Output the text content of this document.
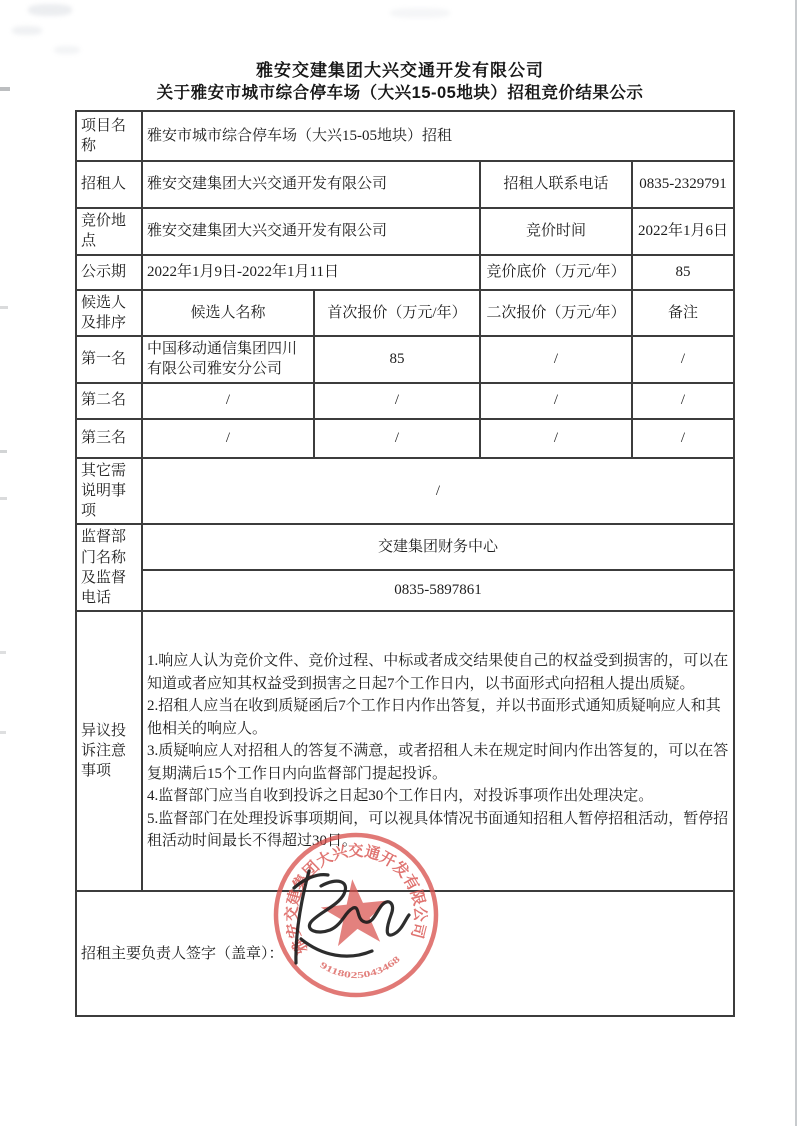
雅安交建集团大兴交通开发有限公司
关于雅安市城市综合停车场（大兴15-05地块）招租竞价结果公示
项目名称	雅安市城市综合停车场（大兴15-05地块）招租			
招租人	雅安交建集团大兴交通开发有限公司		招租人联系电话	0835-2329791
竞价地点	雅安交建集团大兴交通开发有限公司		竞价时间	2022年1月6日
公示期	2022年1月9日-2022年1月11日		竞价底价（万元/年）	85
候选人及排序	候选人名称	首次报价（万元/年）	二次报价（万元/年）	备注
第一名	中国移动通信集团四川有限公司雅安分公司	85	/	/
第二名	/	/	/	/
第三名	/	/	/	/
其它需说明事项	/			
监督部门名称及监督电话	交建集团财务中心			
	0835-5897861			
异议投诉注意事项	1.响应人认为竞价文件、竞价过程、中标或者成交结果使自己的权益受到损害的，可以在知道或者应知其权益受到损害之日起7个工作日内，以书面形式向招租人提出质疑。
2.招租人应当在收到质疑函后7个工作日内作出答复，并以书面形式通知质疑响应人和其他相关的响应人。
3.质疑响应人对招租人的答复不满意，或者招租人未在规定时间内作出答复的，可以在答复期满后15个工作日内向监督部门提起投诉。
4.监督部门应当自收到投诉之日起30个工作日内，对投诉事项作出处理决定。
5.监督部门在处理投诉事项期间，可以视具体情况书面通知招租人暂停招租活动，暂停招租活动时间最长不得超过30日。			

招租主要负责人签字（盖章）：				雅安交建集团大兴交通开发有限公司
9118025043468
